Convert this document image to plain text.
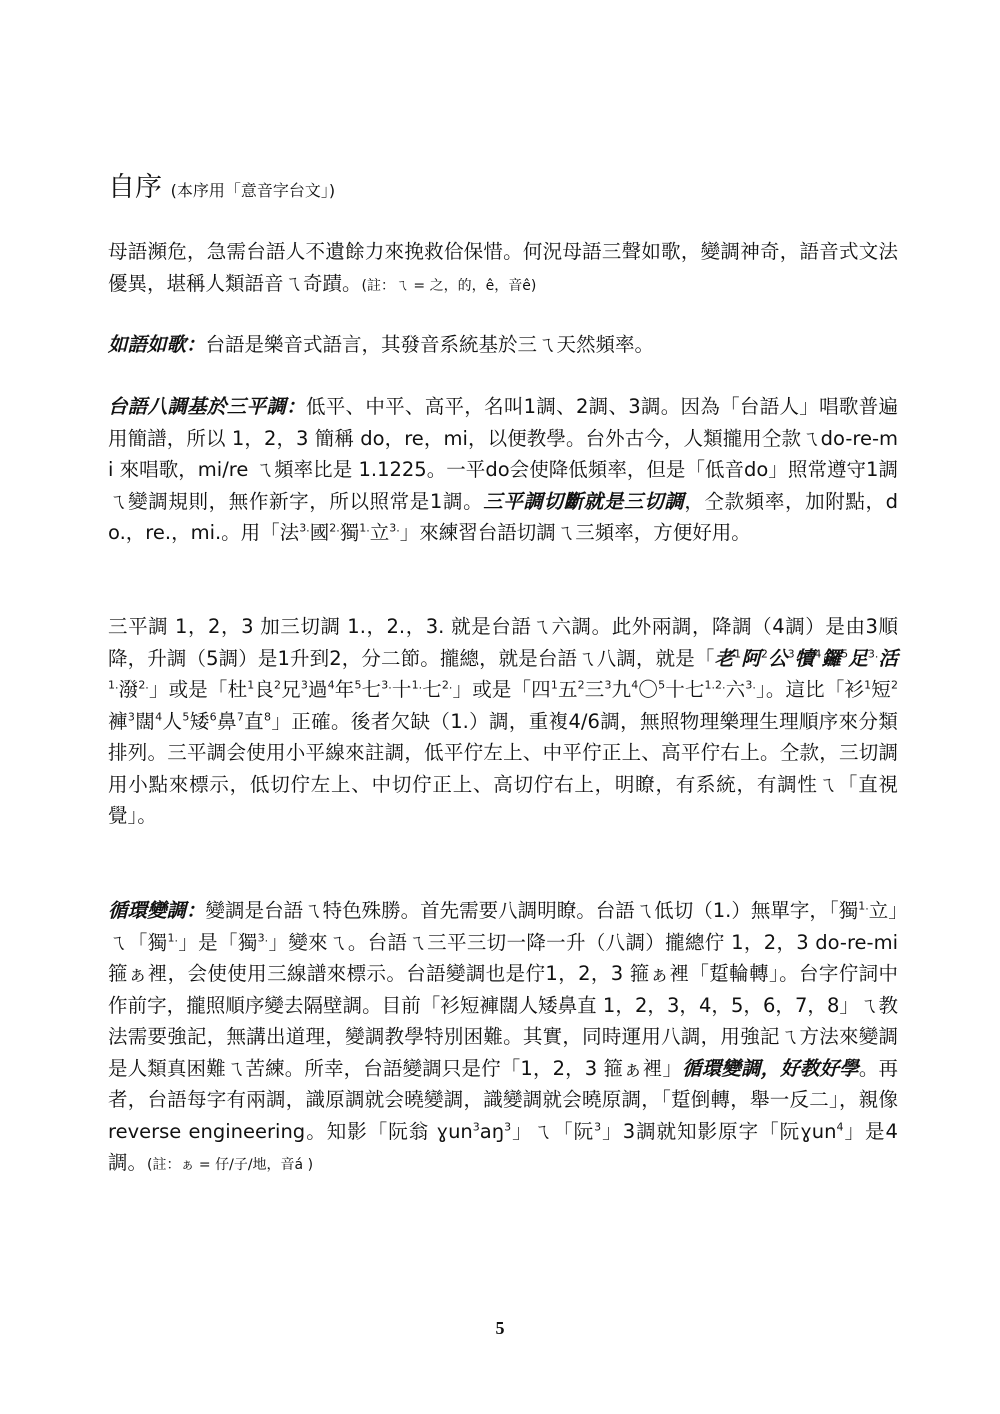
自序 (本序用「意音字台文」)

母語瀕危，急需台語人不遺餘力來挽救佮保惜。何況母語三聲如歌，變調神奇，語音式文法優異，堪稱人類語音ㄟ奇蹟。(註：ㄟ = 之，的，ê，音ê)

如語如歌：台語是樂音式語言，其發音系統基於三ㄟ天然頻率。

台語八調基於三平調：低平、中平、高平，名叫1調、2調、3調。因為「台語人」唱歌普遍用簡譜，所以 1，2，3 簡稱 do，re，mi，以便教學。台外古今，人類攏用仝款ㄟdo-re-mi 來唱歌，mi/re ㄟ頻率比是 1.1225。一平do会使降低頻率，但是「低音do」照常遵守1調ㄟ變調規則，無作新字，所以照常是1調。三平調切斷就是三切調，仝款頻率，加附點，do.，re.，mi.。用「法$^{3.}$國$^{2.}$獨$^{1.}$立$^{3.}$」來練習台語切調ㄟ三頻率，方便好用。

三平調 1，2，3 加三切調 1.，2.，3. 就是台語ㄟ六調。此外兩調，降調（4調）是由3順降，升調（5調）是1升到2，分二節。攏總，就是台語ㄟ八調，就是「老$^1$阿$^2$公$^3$犢$^4$鑼$^5$足$^{3.}$活$^{1.}$潑$^{2.}$」或是「杜$^1$良$^2$兄$^3$過$^4$年$^5$七$^{3.}$十$^{1.}$七$^{2.}$」或是「四$^1$五$^2$三$^3$九$^4$〇$^5$十七$^{1.2.}$六$^{3.}$」。這比「衫$^1$短$^2$褲$^3$闊$^4$人$^5$矮$^6$鼻$^7$直$^8$」正確。後者欠缺（1.）調，重複4/6調，無照物理樂理生理順序來分類排列。三平調会使用小平線來註調，低平佇左上、中平佇正上、高平佇右上。仝款，三切調用小點來標示，低切佇左上、中切佇正上、高切佇右上，明瞭，有系統，有調性ㄟ「直視覺」。

循環變調：變調是台語ㄟ特色殊勝。首先需要八調明瞭。台語ㄟ低切（1.）無單字，「獨$^{1.}$立」ㄟ「獨$^{1.}$」是「獨$^{3.}$」變來ㄟ。台語ㄟ三平三切一降一升（八調）攏總佇 1，2，3 do-re-mi 箍ぁ裡，会使使用三線譜來標示。台語變調也是佇1，2，3 箍ぁ裡「踅輪轉」。台字佇詞中作前字，攏照順序變去隔壁調。目前「衫短褲闊人矮鼻直 1，2，3，4，5，6，7，8」ㄟ教法需要強記，無講出道理，變調教學特別困難。其實，同時運用八調，用強記ㄟ方法來變調是人類真困難ㄟ苦練。所幸，台語變調只是佇「1，2，3 箍ぁ裡」循環變調，好教好學。再者，台語每字有兩調，識原調就会曉變調，識變調就会曉原調，「踅倒轉，舉一反二」，親像 reverse engineering。知影「阮翁 $ɣun^3aŋ^3$」ㄟ「阮$^3$」3調就知影原字「阮ɣun$^4$」是4調。(註：ぁ = 仔/子/地，音á )

5
